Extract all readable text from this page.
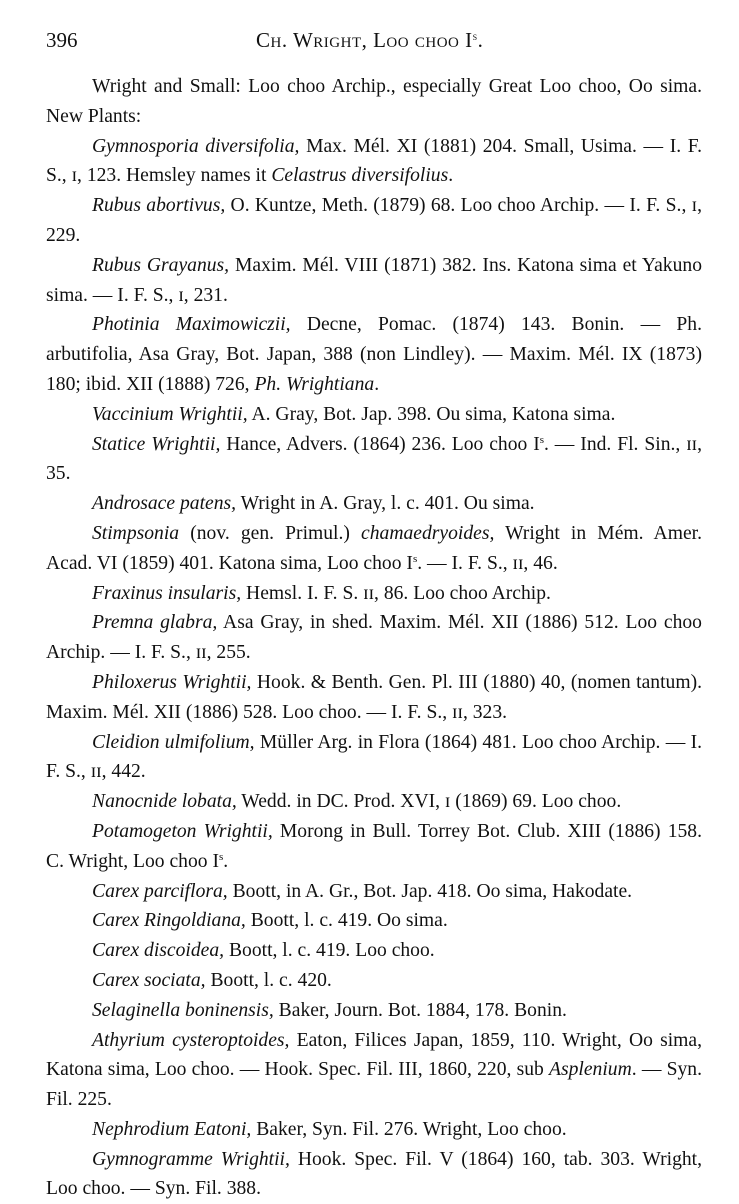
396	Ch. Wright, Loo choo $I^s$.

Wright and Small: Loo choo Archip., especially Great Loo choo, Oo sima. New Plants:

Gymnosporia diversifolia, Max. Mél. XI (1881) 204. Small, Usima. — I. F. S., ɪ, 123. Hemsley names it Celastrus diversifolius.

Rubus abortivus, O. Kuntze, Meth. (1879) 68. Loo choo Archip. — I. F. S., ɪ, 229.

Rubus Grayanus, Maxim. Mél. VIII (1871) 382. Ins. Katona sima et Yakuno sima. — I. F. S., ɪ, 231.

Photinia Maximowiczii, Decne, Pomac. (1874) 143. Bonin. — Ph. arbutifolia, Asa Gray, Bot. Japan, 388 (non Lindley). — Maxim. Mél. IX (1873) 180; ibid. XII (1888) 726, Ph. Wrightiana.

Vaccinium Wrightii, A. Gray, Bot. Jap. 398. Ou sima, Katona sima.

Statice Wrightii, Hance, Advers. (1864) 236. Loo choo $I^s$. — Ind. Fl. Sin., ɪɪ, 35.

Androsace patens, Wright in A. Gray, l. c. 401. Ou sima.

Stimpsonia (nov. gen. Primul.) chamaedryoides, Wright in Mém. Amer. Acad. VI (1859) 401. Katona sima, Loo choo $I^s$. — I. F. S., ɪɪ, 46.

Fraxinus insularis, Hemsl. I. F. S. ɪɪ, 86. Loo choo Archip.

Premna glabra, Asa Gray, in shed. Maxim. Mél. XII (1886) 512. Loo choo Archip. — I. F. S., ɪɪ, 255.

Philoxerus Wrightii, Hook. & Benth. Gen. Pl. III (1880) 40, (nomen tantum). Maxim. Mél. XII (1886) 528. Loo choo. — I. F. S., ɪɪ, 323.

Cleidion ulmifolium, Müller Arg. in Flora (1864) 481. Loo choo Archip. — I. F. S., ɪɪ, 442.

Nanocnide lobata, Wedd. in DC. Prod. XVI, ɪ (1869) 69. Loo choo.

Potamogeton Wrightii, Morong in Bull. Torrey Bot. Club. XIII (1886) 158. C. Wright, Loo choo $I^s$.

Carex parciflora, Boott, in A. Gr., Bot. Jap. 418. Oo sima, Hakodate.

Carex Ringoldiana, Boott, l. c. 419. Oo sima.

Carex discoidea, Boott, l. c. 419. Loo choo.

Carex sociata, Boott, l. c. 420.

Selaginella boninensis, Baker, Journ. Bot. 1884, 178. Bonin.

Athyrium cysteroptoides, Eaton, Filices Japan, 1859, 110. Wright, Oo sima, Katona sima, Loo choo. — Hook. Spec. Fil. III, 1860, 220, sub Asplenium. — Syn. Fil. 225.

Nephrodium Eatoni, Baker, Syn. Fil. 276. Wright, Loo choo.

Gymnogramme Wrightii, Hook. Spec. Fil. V (1864) 160, tab. 303. Wright, Loo choo. — Syn. Fil. 388.
